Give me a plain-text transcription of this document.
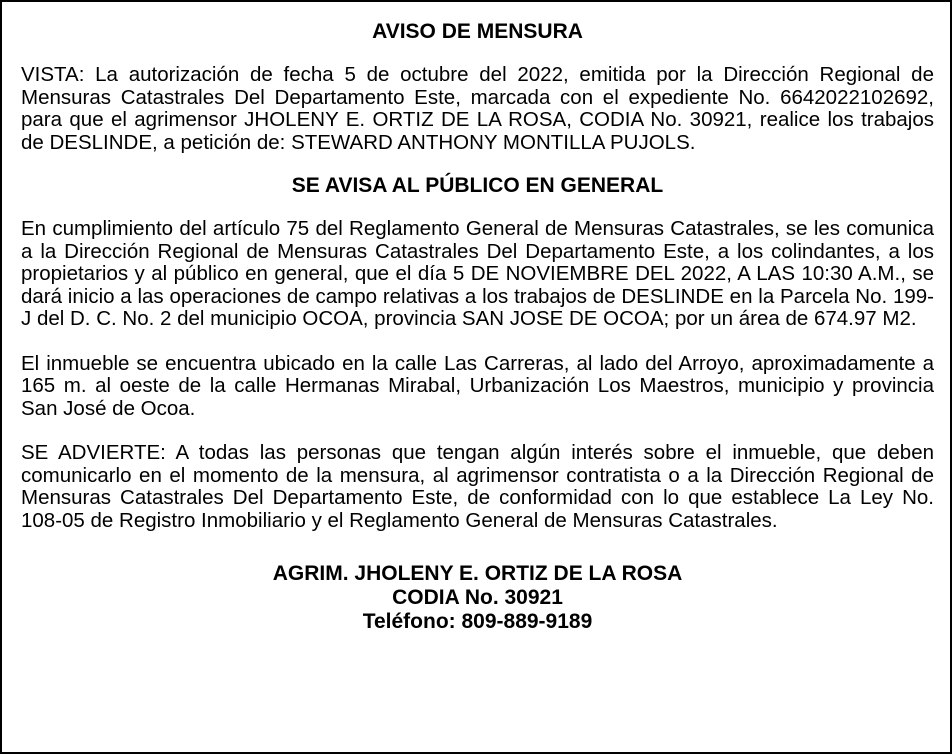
AVISO DE MENSURA

VISTA: La autorización de fecha 5 de octubre del 2022, emitida por la Dirección Regional de Mensuras Catastrales Del Departamento Este, marcada con el expediente No. 6642022102692, para que el agrimensor JHOLENY E. ORTIZ DE LA ROSA, CODIA No. 30921, realice los trabajos de DESLINDE, a petición de: STEWARD ANTHONY MONTILLA PUJOLS.

SE AVISA AL PÚBLICO EN GENERAL

En cumplimiento del artículo 75 del Reglamento General de Mensuras Catastrales, se les comunica a la Dirección Regional de Mensuras Catastrales Del Departamento Este, a los colindantes, a los propietarios y al público en general, que el día 5 DE NOVIEMBRE DEL 2022, A LAS 10:30 A.M., se dará inicio a las operaciones de campo relativas a los trabajos de DESLINDE en la Parcela No. 199-J del D. C. No. 2 del municipio OCOA, provincia SAN JOSE DE OCOA; por un área de 674.97 M2.

El inmueble se encuentra ubicado en la calle Las Carreras, al lado del Arroyo, aproximadamente a 165 m. al oeste de la calle Hermanas Mirabal, Urbanización Los Maestros, municipio y provincia San José de Ocoa.

SE ADVIERTE: A todas las personas que tengan algún interés sobre el inmueble, que deben comunicarlo en el momento de la mensura, al agrimensor contratista o a la Dirección Regional de Mensuras Catastrales Del Departamento Este, de conformidad con lo que establece La Ley No. 108-05 de Registro Inmobiliario y el Reglamento General de Mensuras Catastrales.

AGRIM. JHOLENY E. ORTIZ DE LA ROSA
CODIA No. 30921
Teléfono: 809-889-9189
